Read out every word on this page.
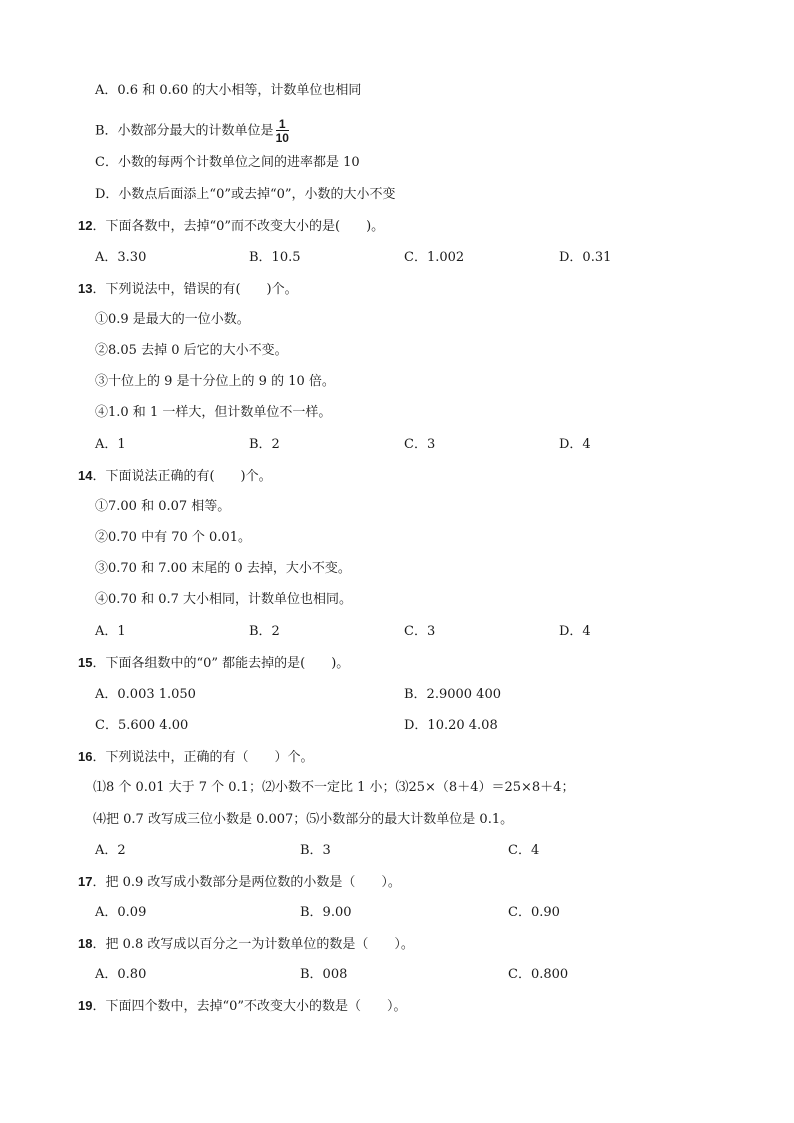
A．0.6 和 0.60 的大小相等，计数单位也相同
B．小数部分最大的计数单位是 $\frac{1}{10}$
C．小数的每两个计数单位之间的进率都是 10
D．小数点后面添上“0”或去掉“0”，小数的大小不变
12．下面各数中，去掉“0”而不改变大小的是(　　)。
A．3.30	B．10.5	C．1.002	D．0.31
13．下列说法中，错误的有(　　)个。
①0.9 是最大的一位小数。
②8.05 去掉 0 后它的大小不变。
③十位上的 9 是十分位上的 9 的 10 倍。
④1.0 和 1 一样大，但计数单位不一样。
A．1	B．2	C．3	D．4
14．下面说法正确的有(　　)个。
①7.00 和 0.07 相等。
②0.70 中有 70 个 0.01。
③0.70 和 7.00 末尾的 0 去掉，大小不变。
④0.70 和 0.7 大小相同，计数单位也相同。
A．1	B．2	C．3	D．4
15．下面各组数中的“0” 都能去掉的是(　　)。
A．0.003 1.050	B．2.9000 400
C．5.600 4.00	D．10.20 4.08
16．下列说法中，正确的有（　　）个。
⑴8 个 0.01 大于 7 个 0.1；⑵小数不一定比 1 小；⑶25×（8＋4）＝25×8＋4；
⑷把 0.7 改写成三位小数是 0.007；⑸小数部分的最大计数单位是 0.1。
A．2	B．3	C．4
17．把 0.9 改写成小数部分是两位数的小数是（　　）。
A．0.09	B．9.00	C．0.90
18．把 0.8 改写成以百分之一为计数单位的数是（　　）。
A．0.80	B．008	C．0.800
19．下面四个数中，去掉“0”不改变大小的数是（　　）。
